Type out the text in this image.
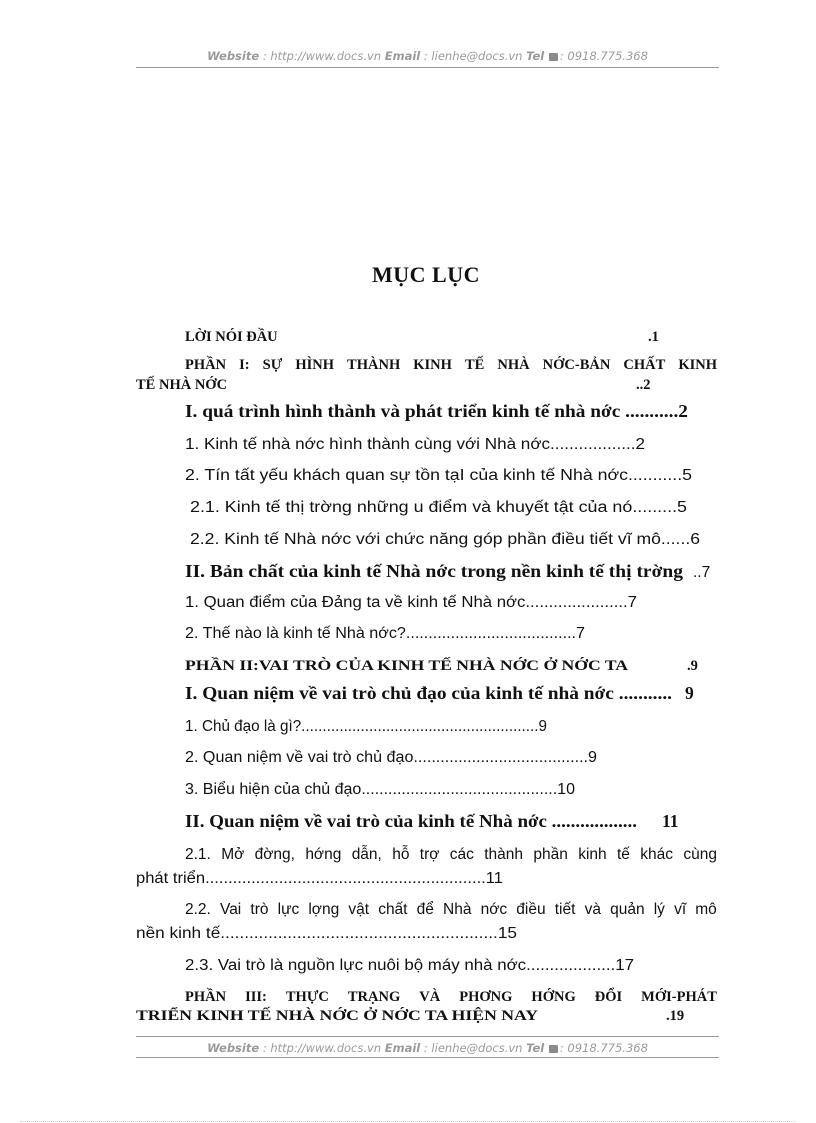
Website : http://www.docs.vn Email : lienhe@docs.vn Tel : 0918.775.368
MỤC LỤC
LỜI NÓI ĐẦU	.1
PHẦN I: SỰ HÌNH THÀNH KINH TẾ NHÀ NỚC-BẢN CHẤT KINH
TẾ NHÀ NỚC	..2
I. quá trình hình thành và phát triển kinh tế nhà nớc ...........2
1. Kinh tế nhà nớc hình thành cùng với Nhà nớc..................2
2. Tín tất yếu khách quan sự tồn tạI của kinh tế Nhà nớc...........5
2.1. Kinh tế thị trờng những u điểm và khuyết tật của nó.........5
2.2. Kinh tế Nhà nớc với chức năng góp phần điều tiết vĩ mô......6
II. Bản chất của kinh tế Nhà nớc trong nền kinh tế thị trờng ..7
1. Quan điểm của Đảng ta về kinh tế Nhà nớc......................7
2. Thế nào là kinh tế Nhà nớc?......................................7
PHẦN II:VAI TRÒ CỦA KINH TẾ NHÀ NỚC Ở NỚC TA	.9
I. Quan niệm về vai trò chủ đạo của kinh tế nhà nớc ........... 9
1. Chủ đạo là gì?........................................................9
2. Quan niệm về vai trò chủ đạo.......................................9
3. Biểu hiện của chủ đạo............................................10
II. Quan niệm về vai trò của kinh tế Nhà nớc .................. 11
2.1. Mở đờng, hớng dẫn, hỗ trợ các thành phần kinh tế khác cùng
phát triển.............................................................11
2.2. Vai trò lực lợng vật chất để Nhà nớc điều tiết và quản lý vĩ mô
nền kinh tế..........................................................15
2.3. Vai trò là nguồn lực nuôi bộ máy nhà nớc...................17
PHẦN III: THỰC TRẠNG VÀ PHƠNG HỚNG ĐỔI MỚI-PHÁT
TRIỂN KINH TẾ NHÀ NỚC Ở NỚC TA HIỆN NAY	.19
Website : http://www.docs.vn Email : lienhe@docs.vn Tel : 0918.775.368
